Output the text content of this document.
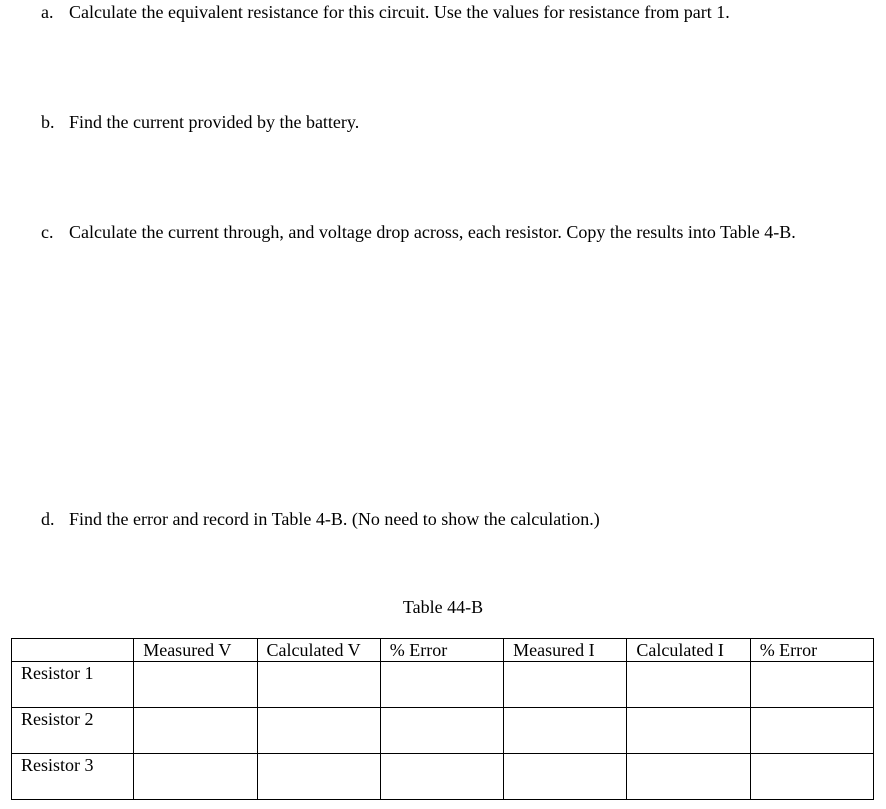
a. Calculate the equivalent resistance for this circuit. Use the values for resistance from part 1.
b. Find the current provided by the battery.
c. Calculate the current through, and voltage drop across, each resistor. Copy the results into Table 4-B.
d. Find the error and record in Table 4-B. (No need to show the calculation.)
Table 44-B
	Measured V	Calculated V	% Error	Measured I	Calculated I	% Error
Resistor 1						
Resistor 2						
Resistor 3						
